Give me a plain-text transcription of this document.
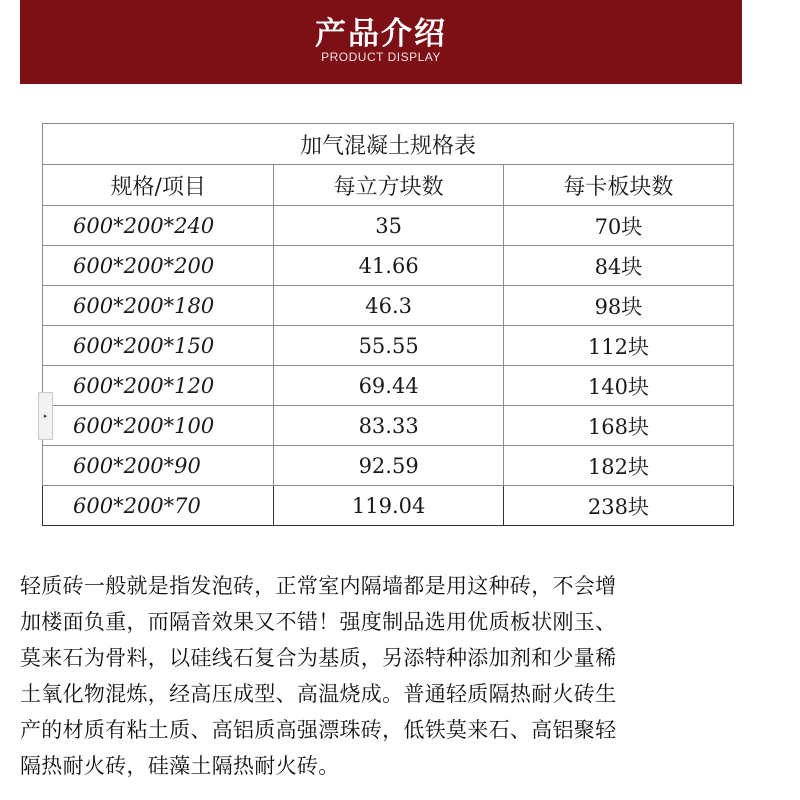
产品介绍
PRODUCT DISPLAY
加气混凝土规格表		
规格/项目	每立方块数	每卡板块数
600*200*240	35	70块
600*200*200	41.66	84块
600*200*180	46.3	98块
600*200*150	55.55	112块
600*200*120	69.44	140块
600*200*100	83.33	168块
600*200*90	92.59	182块
600*200*70	119.04	238块
▸

轻质砖一般就是指发泡砖，正常室内隔墙都是用这种砖，不会增

加楼面负重，而隔音效果又不错！强度制品选用优质板状刚玉、

莫来石为骨料，以硅线石复合为基质，另添特种添加剂和少量稀

土氧化物混炼，经高压成型、高温烧成。普通轻质隔热耐火砖生

产的材质有粘土质、高铝质高强漂珠砖，低铁莫来石、高铝聚轻

隔热耐火砖，硅藻土隔热耐火砖。
